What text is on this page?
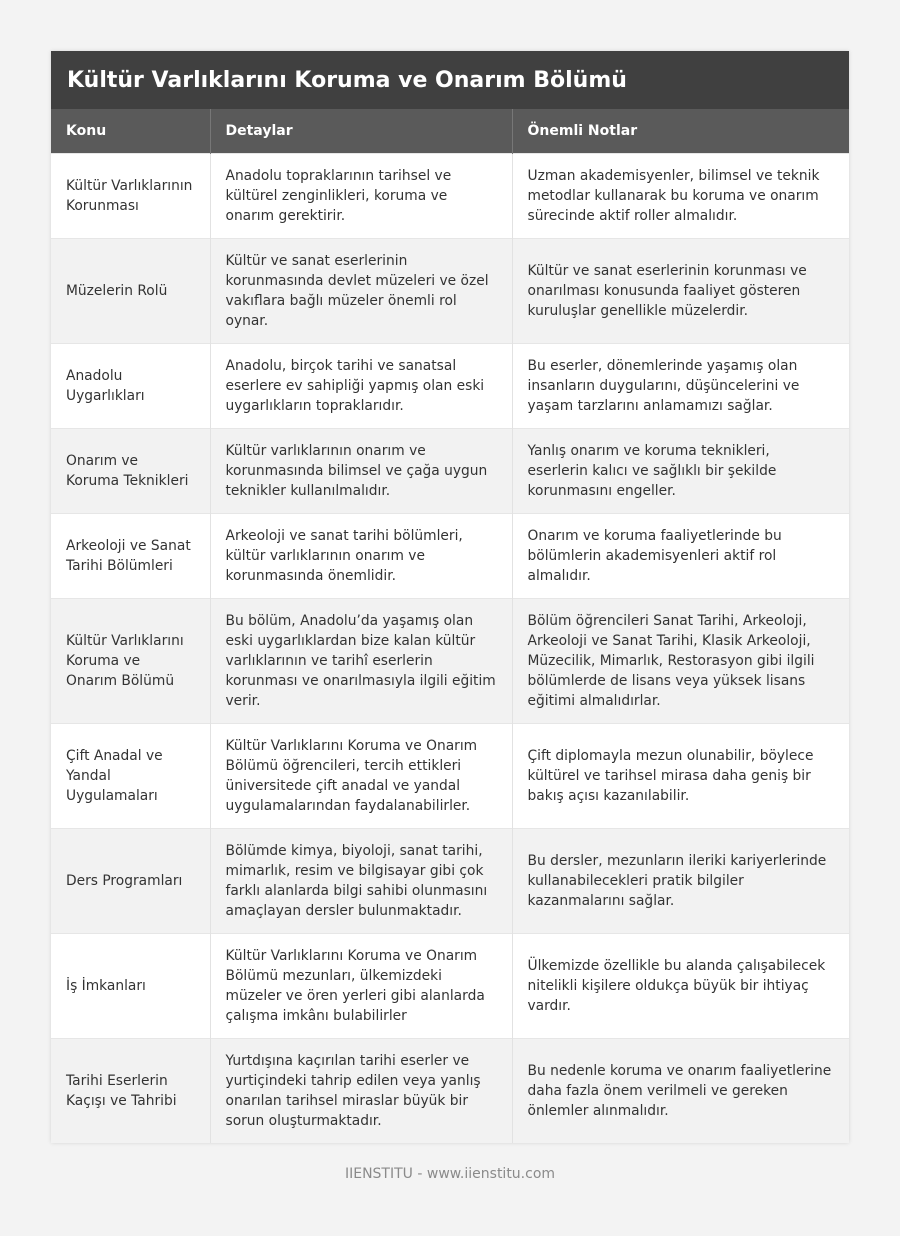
Kültür Varlıklarını Koruma ve Onarım Bölümü
Konu	Detaylar	Önemli Notlar
Kültür Varlıklarının Korunması	Anadolu topraklarının tarihsel ve kültürel zenginlikleri, koruma ve onarım gerektirir.	Uzman akademisyenler, bilimsel ve teknik metodlar kullanarak bu koruma ve onarım sürecinde aktif roller almalıdır.
Müzelerin Rolü	Kültür ve sanat eserlerinin korunmasında devlet müzeleri ve özel vakıflara bağlı müzeler önemli rol oynar.	Kültür ve sanat eserlerinin korunması ve onarılması konusunda faaliyet gösteren kuruluşlar genellikle müzelerdir.
Anadolu Uygarlıkları	Anadolu, birçok tarihi ve sanatsal eserlere ev sahipliği yapmış olan eski uygarlıkların topraklarıdır.	Bu eserler, dönemlerinde yaşamış olan insanların duygularını, düşüncelerini ve yaşam tarzlarını anlamamızı sağlar.
Onarım ve Koruma Teknikleri	Kültür varlıklarının onarım ve korunmasında bilimsel ve çağa uygun teknikler kullanılmalıdır.	Yanlış onarım ve koruma teknikleri, eserlerin kalıcı ve sağlıklı bir şekilde korunmasını engeller.
Arkeoloji ve Sanat Tarihi Bölümleri	Arkeoloji ve sanat tarihi bölümleri, kültür varlıklarının onarım ve korunmasında önemlidir.	Onarım ve koruma faaliyetlerinde bu bölümlerin akademisyenleri aktif rol almalıdır.
Kültür Varlıklarını Koruma ve Onarım Bölümü	Bu bölüm, Anadolu’da yaşamış olan eski uygarlıklardan bize kalan kültür varlıklarının ve tarihî eserlerin korunması ve onarılmasıyla ilgili eğitim verir.	Bölüm öğrencileri Sanat Tarihi, Arkeoloji, Arkeoloji ve Sanat Tarihi, Klasik Arkeoloji, Müzecilik, Mimarlık, Restorasyon gibi ilgili bölümlerde de lisans veya yüksek lisans eğitimi almalıdırlar.
Çift Anadal ve Yandal Uygulamaları	Kültür Varlıklarını Koruma ve Onarım Bölümü öğrencileri, tercih ettikleri üniversitede çift anadal ve yandal uygulamalarından faydalanabilirler.	Çift diplomayla mezun olunabilir, böylece kültürel ve tarihsel mirasa daha geniş bir bakış açısı kazanılabilir.
Ders Programları	Bölümde kimya, biyoloji, sanat tarihi, mimarlık, resim ve bilgisayar gibi çok farklı alanlarda bilgi sahibi olunmasını amaçlayan dersler bulunmaktadır.	Bu dersler, mezunların ileriki kariyerlerinde kullanabilecekleri pratik bilgiler kazanmalarını sağlar.
İş İmkanları	Kültür Varlıklarını Koruma ve Onarım Bölümü mezunları, ülkemizdeki müzeler ve ören yerleri gibi alanlarda çalışma imkânı bulabilirler	Ülkemizde özellikle bu alanda çalışabilecek nitelikli kişilere oldukça büyük bir ihtiyaç vardır.
Tarihi Eserlerin Kaçışı ve Tahribi	Yurtdışına kaçırılan tarihi eserler ve yurtiçindeki tahrip edilen veya yanlış onarılan tarihsel miraslar büyük bir sorun oluşturmaktadır.	Bu nedenle koruma ve onarım faaliyetlerine daha fazla önem verilmeli ve gereken önlemler alınmalıdır.
IIENSTITU - www.iienstitu.com
